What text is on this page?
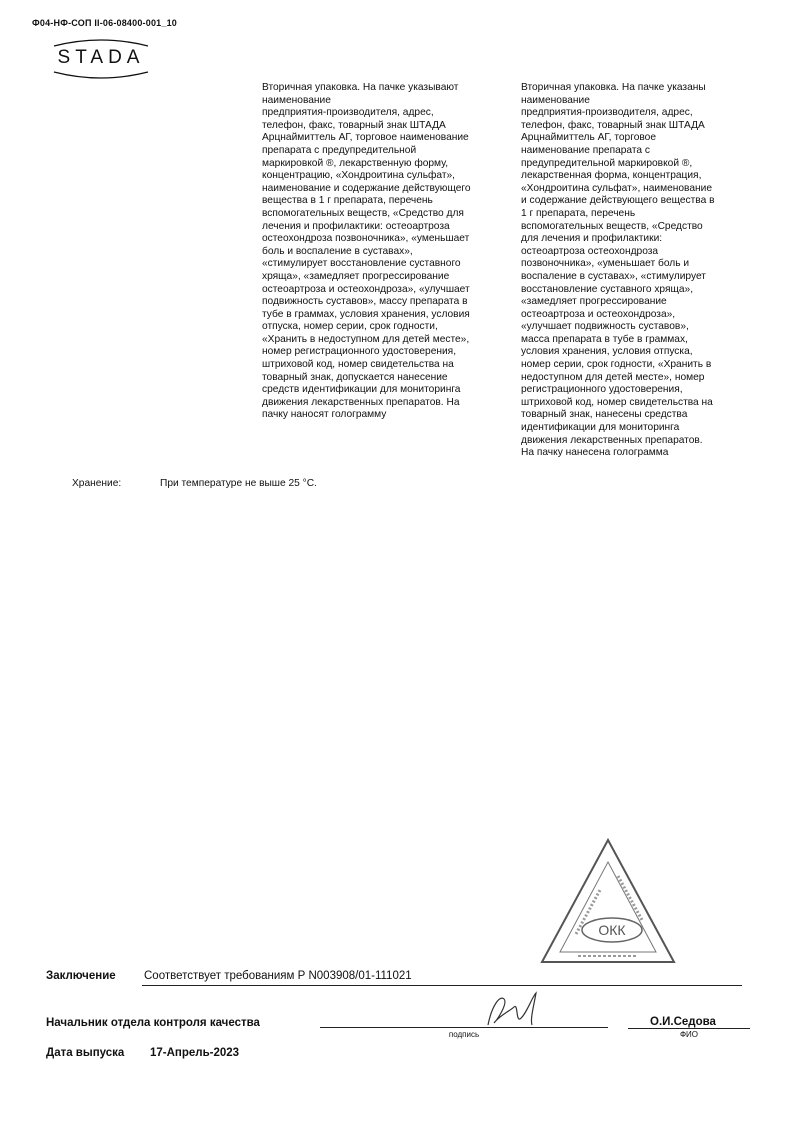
Ф04-НФ-СОП II-06-08400-001_10
STADA
Вторичная упаковка. На пачке указывают
наименование
предприятия-производителя, адрес,
телефон, факс, товарный знак ШТАДА
Арцнаймиттель АГ, торговое наименование
препарата с предупредительной
маркировкой ®, лекарственную форму,
концентрацию, «Хондроитина сульфат»,
наименование и содержание действующего
вещества в 1 г препарата, перечень
вспомогательных веществ, «Средство для
лечения и профилактики: остеоартроза
остеохондроза позвоночника», «уменьшает
боль и воспаление в суставах»,
«стимулирует восстановление суставного
хряща», «замедляет прогрессирование
остеоартроза и остеохондроза», «улучшает
подвижность суставов», массу препарата в
тубе в граммах, условия хранения, условия
отпуска, номер серии, срок годности,
«Хранить в недоступном для детей месте»,
номер регистрационного удостоверения,
штриховой код, номер свидетельства на
товарный знак, допускается нанесение
средств идентификации для мониторинга
движения лекарственных препаратов. На
пачку наносят голограмму
Вторичная упаковка. На пачке указаны
наименование
предприятия-производителя, адрес,
телефон, факс, товарный знак ШТАДА
Арцнаймиттель АГ, торговое
наименование препарата с
предупредительной маркировкой ®,
лекарственная форма, концентрация,
«Хондроитина сульфат», наименование
и содержание действующего вещества в
1 г препарата, перечень
вспомогательных веществ, «Средство
для лечения и профилактики:
остеоартроза остеохондроза
позвоночника», «уменьшает боль и
воспаление в суставах», «стимулирует
восстановление суставного хряща»,
«замедляет прогрессирование
остеоартроза и остеохондроза»,
«улучшает подвижность суставов»,
масса препарата в тубе в граммах,
условия хранения, условия отпуска,
номер серии, срок годности, «Хранить в
недоступном для детей месте», номер
регистрационного удостоверения,
штриховой код, номер свидетельства на
товарный знак, нанесены средства
идентификации для мониторинга
движения лекарственных препаратов.
На пачку нанесена голограмма
Хранение:	При температуре не выше 25 °С.
ОКК
Заключение Соответствует требованиям Р N003908/01-111021
Начальник отдела контроля качества
подпись
О.И.Седова
ФИО
Дата выпуска 17-Апрель-2023
